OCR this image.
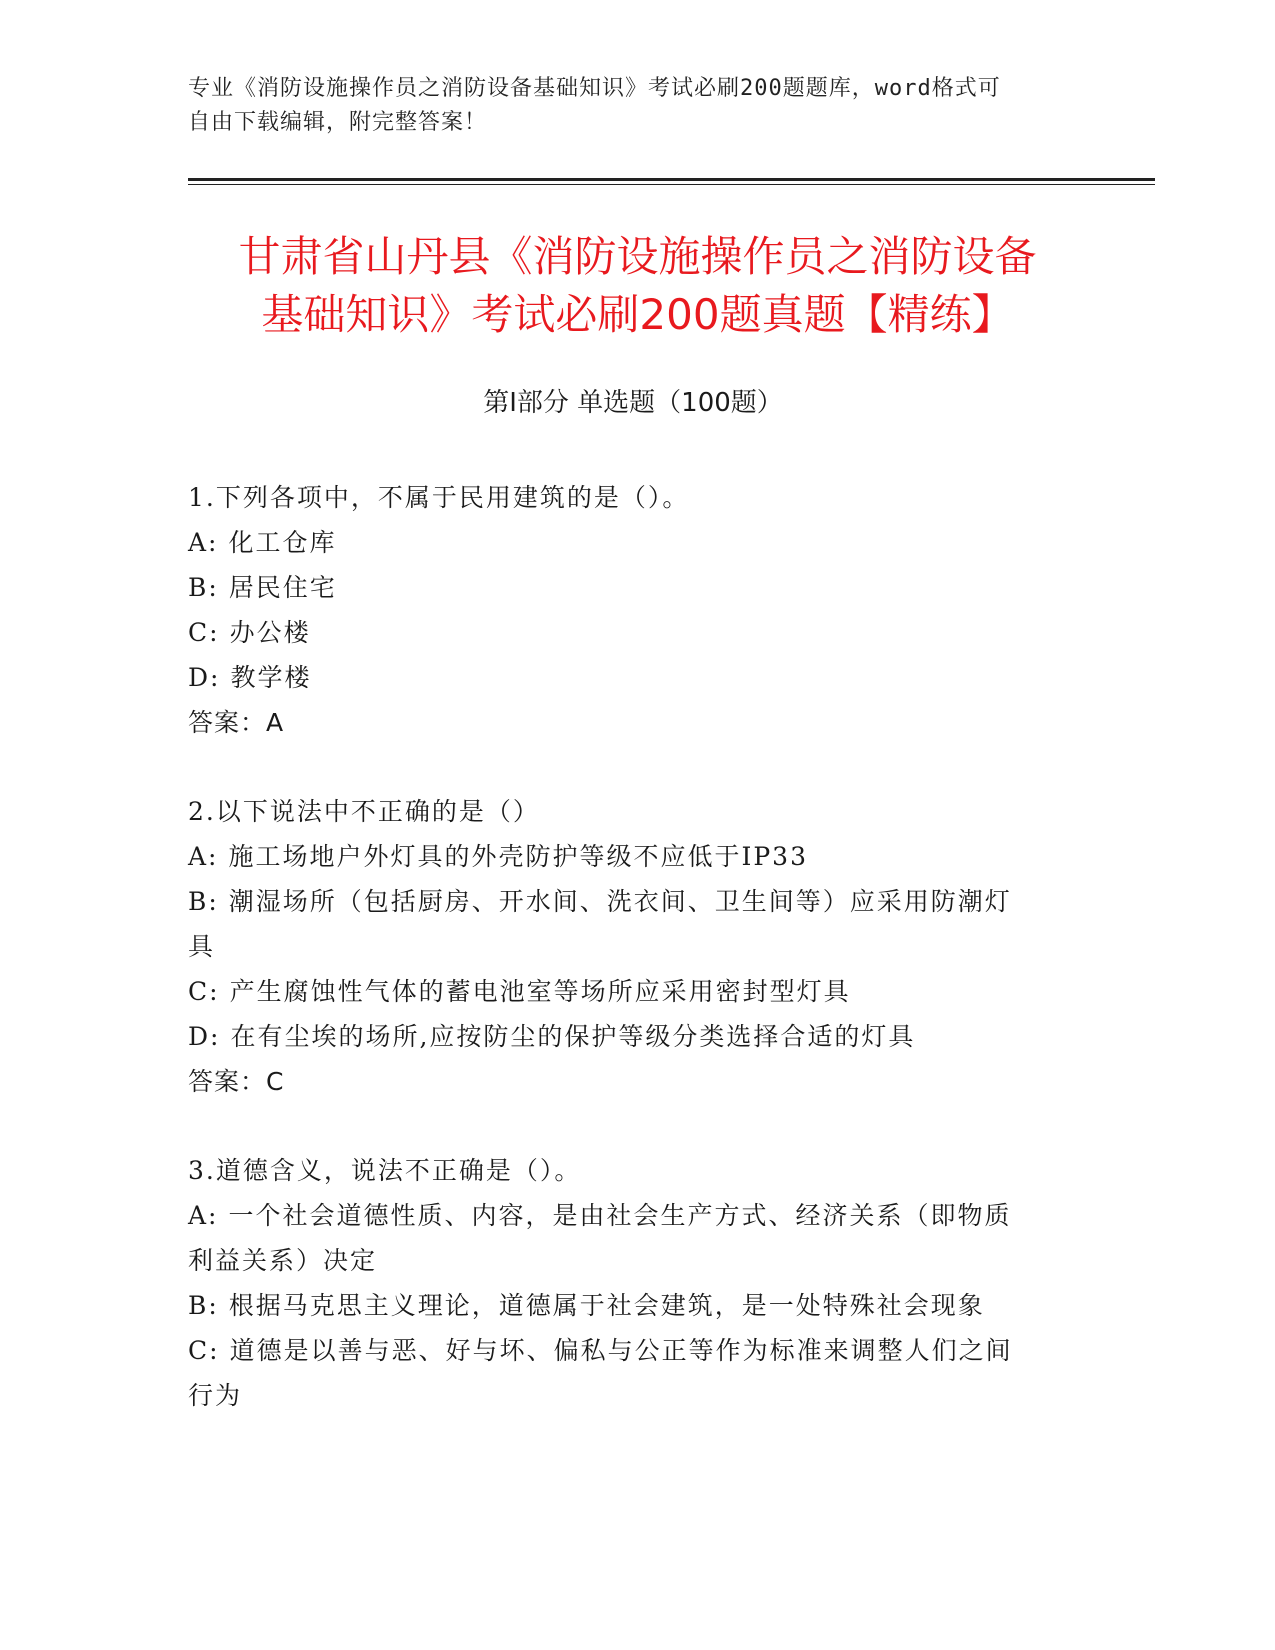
专业《消防设施操作员之消防设备基础知识》考试必刷200题题库，word格式可
自由下载编辑，附完整答案！
甘肃省山丹县《消防设施操作员之消防设备
基础知识》考试必刷200题真题【精练】
第Ⅰ部分 单选题（100题）
1.下列各项中，不属于民用建筑的是（）。
A: 化工仓库
B: 居民住宅
C: 办公楼
D: 教学楼
答案：A
2.以下说法中不正确的是（）
A: 施工场地户外灯具的外壳防护等级不应低于IP33
B: 潮湿场所（包括厨房、开水间、洗衣间、卫生间等）应采用防潮灯
具
C: 产生腐蚀性气体的蓄电池室等场所应采用密封型灯具
D: 在有尘埃的场所,应按防尘的保护等级分类选择合适的灯具
答案：C
3.道德含义，说法不正确是（）。
A: 一个社会道德性质、内容，是由社会生产方式、经济关系（即物质
利益关系）决定
B: 根据马克思主义理论，道德属于社会建筑，是一处特殊社会现象
C: 道德是以善与恶、好与坏、偏私与公正等作为标准来调整人们之间
行为
